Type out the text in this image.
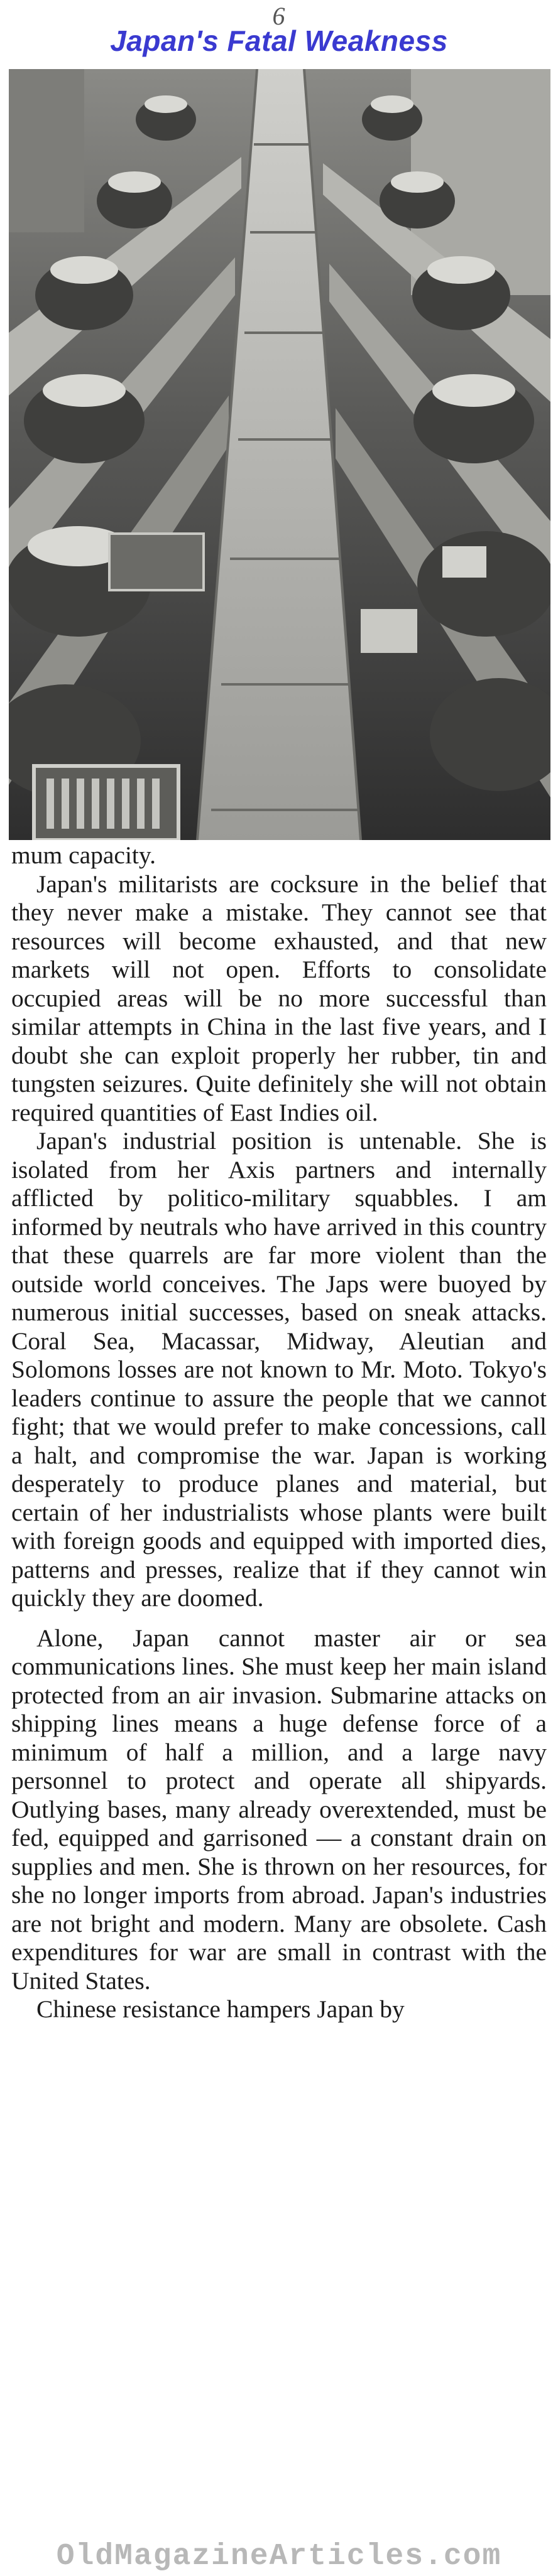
6
Japan's Fatal Weakness

mum capacity.

Japan's militarists are cocksure in the belief that they never make a mistake. They cannot see that resources will become exhausted, and that new markets will not open. Efforts to consolidate occupied areas will be no more successful than similar attempts in China in the last five years, and I doubt she can exploit properly her rubber, tin and tungsten seizures. Quite definitely she will not obtain required quantities of East Indies oil.

Japan's industrial position is untenable. She is isolated from her Axis partners and internally afflicted by politico-military squabbles. I am informed by neutrals who have arrived in this country that these quarrels are far more violent than the outside world conceives. The Japs were buoyed by numerous initial successes, based on sneak attacks. Coral Sea, Macassar, Midway, Aleutian and Solomons losses are not known to Mr. Moto. Tokyo's leaders continue to assure the people that we cannot fight; that we would prefer to make concessions, call a halt, and compromise the war. Japan is working desperately to produce planes and material, but certain of her industrialists whose plants were built with foreign goods and equipped with imported dies, patterns and presses, realize that if they cannot win quickly they are doomed.

Alone, Japan cannot master air or sea communications lines. She must keep her main island protected from an air invasion. Submarine attacks on shipping lines means a huge defense force of a minimum of half a million, and a large navy personnel to protect and operate all shipyards. Outlying bases, many already overextended, must be fed, equipped and garrisoned — a constant drain on supplies and men. She is thrown on her resources, for she no longer imports from abroad. Japan's industries are not bright and modern. Many are obsolete. Cash expenditures for war are small in contrast with the United States.

Chinese resistance hampers Japan by

OldMagazineArticles.com
